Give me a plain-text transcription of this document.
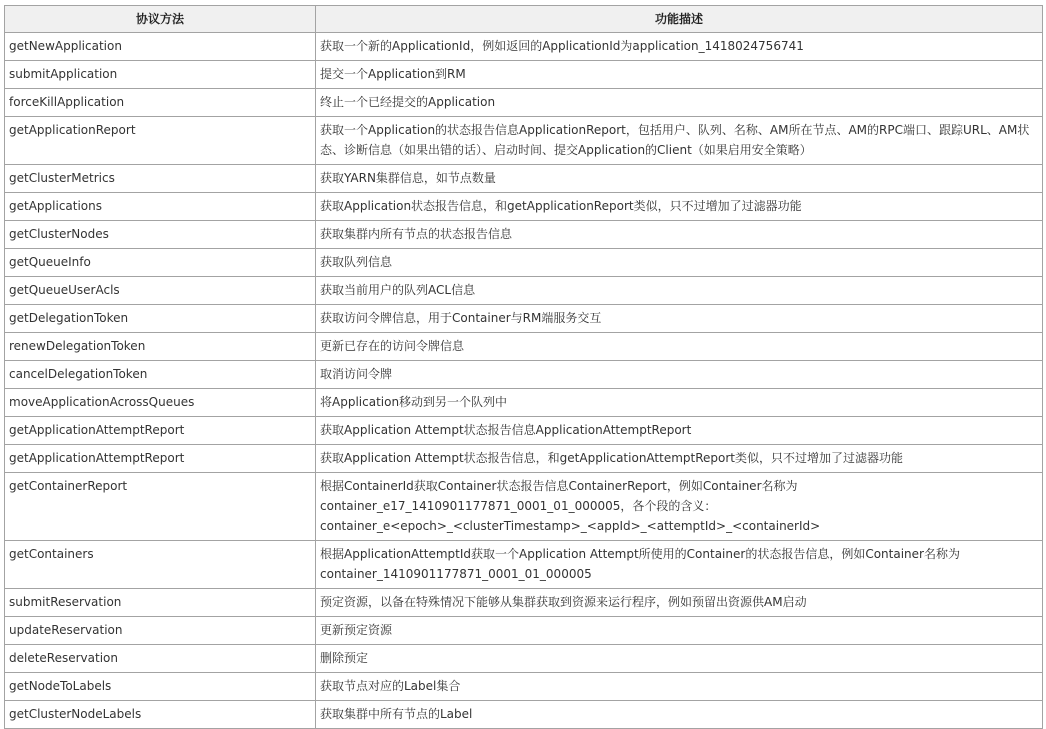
协议方法	功能描述
getNewApplication	获取一个新的ApplicationId，例如返回的ApplicationId为application_1418024756741

submitApplication	提交一个Application到RM

forceKillApplication	终止一个已经提交的Application

getApplicationReport	获取一个Application的状态报告信息ApplicationReport，包括用户、队列、名称、AM所在节点、AM的RPC端口、跟踪URL、AM状
态、诊断信息（如果出错的话）、启动时间、提交Application的Client（如果启用安全策略）

getClusterMetrics	获取YARN集群信息，如节点数量

getApplications	获取Application状态报告信息，和getApplicationReport类似，只不过增加了过滤器功能

getClusterNodes	获取集群内所有节点的状态报告信息

getQueueInfo	获取队列信息

getQueueUserAcls	获取当前用户的队列ACL信息

getDelegationToken	获取访问令牌信息，用于Container与RM端服务交互

renewDelegationToken	更新已存在的访问令牌信息

cancelDelegationToken	取消访问令牌

moveApplicationAcrossQueues	将Application移动到另一个队列中

getApplicationAttemptReport	获取Application Attempt状态报告信息ApplicationAttemptReport

getApplicationAttemptReport	获取Application Attempt状态报告信息，和getApplicationAttemptReport类似，只不过增加了过滤器功能

getContainerReport	根据ContainerId获取Container状态报告信息ContainerReport，例如Container名称为
container_e17_1410901177871_0001_01_000005，各个段的含义：
container_e<epoch>_<clusterTimestamp>_<appId>_<attemptId>_<containerId>

getContainers	根据ApplicationAttemptId获取一个Application Attempt所使用的Container的状态报告信息，例如Container名称为
container_1410901177871_0001_01_000005

submitReservation	预定资源，以备在特殊情况下能够从集群获取到资源来运行程序，例如预留出资源供AM启动

updateReservation	更新预定资源

deleteReservation	删除预定

getNodeToLabels	获取节点对应的Label集合

getClusterNodeLabels	获取集群中所有节点的Label
